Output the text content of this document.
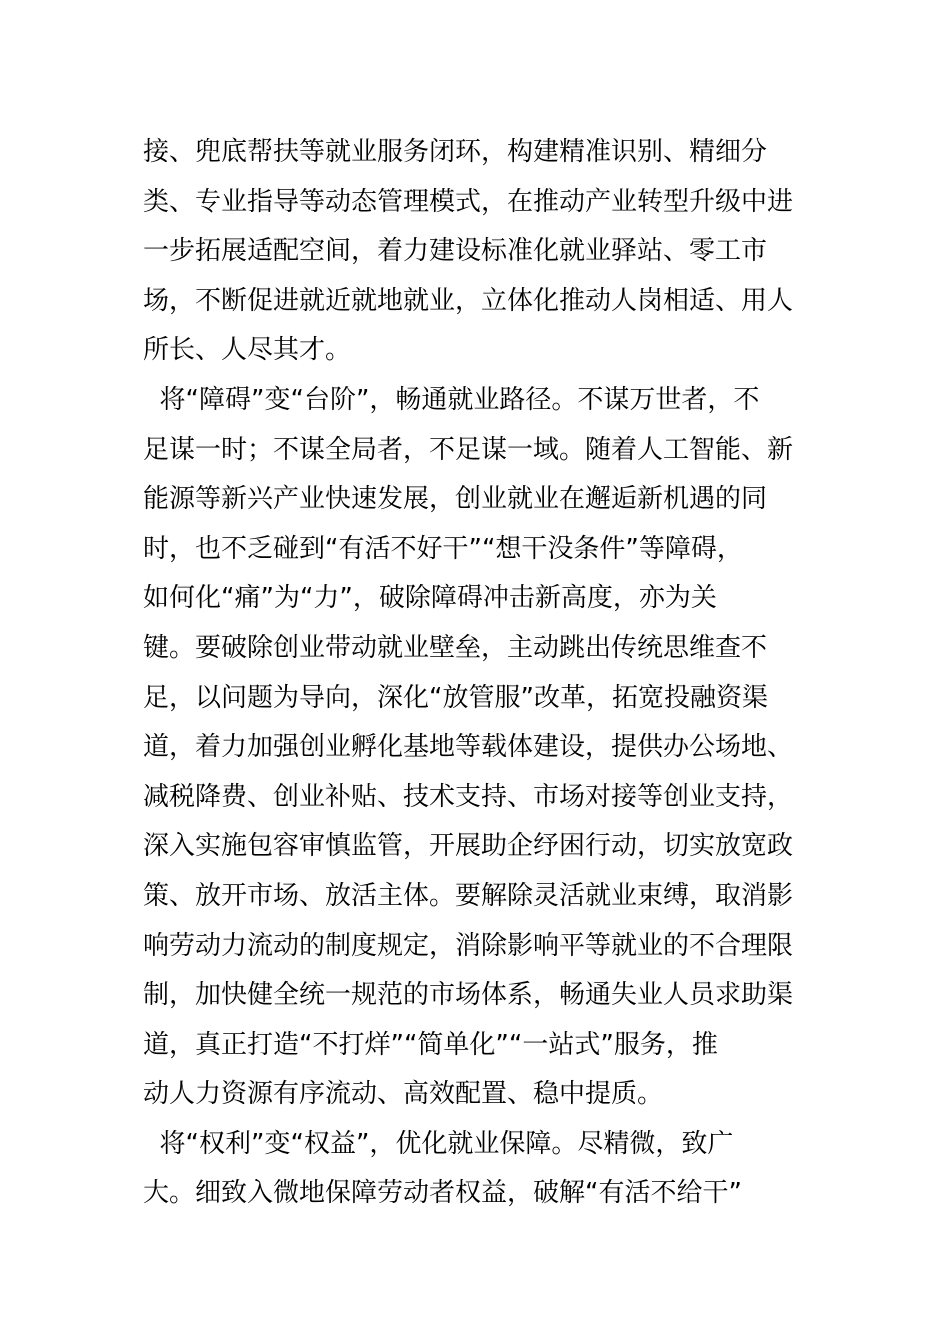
接、兜底帮扶等就业服务闭环，构建精准识别、精细分
类、专业指导等动态管理模式，在推动产业转型升级中进
一步拓展适配空间，着力建设标准化就业驿站、零工市
场，不断促进就近就地就业，立体化推动人岗相适、用人
所长、人尽其才。
将“障碍”变“台阶”，畅通就业路径。不谋万世者，不
足谋一时；不谋全局者，不足谋一域。随着人工智能、新
能源等新兴产业快速发展，创业就业在邂逅新机遇的同
时，也不乏碰到“有活不好干”“想干没条件”等障碍，
如何化“痛”为“力”，破除障碍冲击新高度，亦为关
键。要破除创业带动就业壁垒，主动跳出传统思维查不
足，以问题为导向，深化“放管服”改革，拓宽投融资渠
道，着力加强创业孵化基地等载体建设，提供办公场地、
减税降费、创业补贴、技术支持、市场对接等创业支持，
深入实施包容审慎监管，开展助企纾困行动，切实放宽政
策、放开市场、放活主体。要解除灵活就业束缚，取消影
响劳动力流动的制度规定，消除影响平等就业的不合理限
制，加快健全统一规范的市场体系，畅通失业人员求助渠
道，真正打造“不打烊”“简单化”“一站式”服务，推
动人力资源有序流动、高效配置、稳中提质。
将“权利”变“权益”，优化就业保障。尽精微，致广
大。细致入微地保障劳动者权益，破解“有活不给干”
